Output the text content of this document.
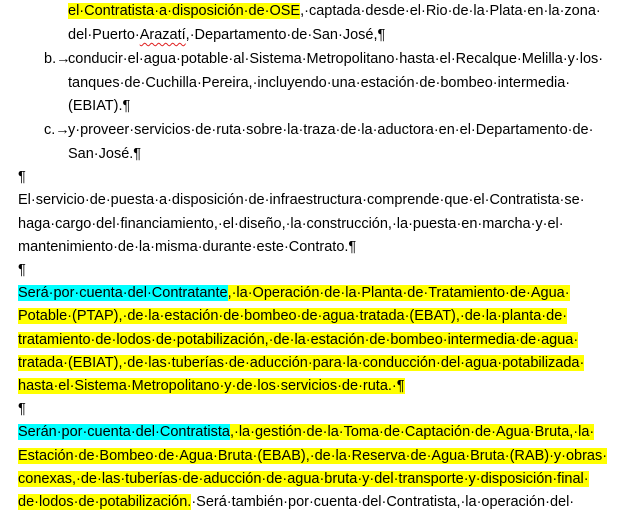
el·Contratista·a·disposición·de·OSE,·captada·desde·el·Rio·de·la·Plata·en·la·zona·
del·Puerto·Arazatí,·Departamento·de·San·José,¶
b.→
conducir·el·agua·potable·al·Sistema·Metropolitano·hasta·el·Recalque·Melilla·y·los·
tanques·de·Cuchilla·Pereira,·incluyendo·una·estación·de·bombeo·intermedia·
(EBIAT).¶
c.→
y·proveer·servicios·de·ruta·sobre·la·traza·de·la·aductora·en·el·Departamento·de·
San·José.¶
¶
El·servicio·de·puesta·a·disposición·de·infraestructura·comprende·que·el·Contratista·se·
haga·cargo·del·financiamiento,·el·diseño,·la·construcción,·la·puesta·en·marcha·y·el·
mantenimiento·de·la·misma·durante·este·Contrato.¶
¶
Será·por·cuenta·del·Contratante,·la·Operación·de·la·Planta·de·Tratamiento·de·Agua·
Potable·(PTAP),·de·la·estación·de·bombeo·de·agua·tratada·(EBAT),·de·la·planta·de·
tratamiento·de·lodos·de·potabilización,·de·la·estación·de·bombeo·intermedia·de·agua·
tratada·(EBIAT),·de·las·tuberías·de·aducción·para·la·conducción·del·agua·potabilizada·
hasta·el·Sistema·Metropolitano·y·de·los·servicios·de·ruta.·¶
¶
Serán·por·cuenta·del·Contratista,·la·gestión·de·la·Toma·de·Captación·de·Agua·Bruta,·la·
Estación·de·Bombeo·de·Agua·Bruta·(EBAB),·de·la·Reserva·de·Agua·Bruta·(RAB)·y·obras·
conexas,·de·las·tuberías·de·aducción·de·agua·bruta·y·del·transporte·y·disposición·final·
de·lodos·de·potabilización.·Será·también·por·cuenta·del·Contratista,·la·operación·del·
